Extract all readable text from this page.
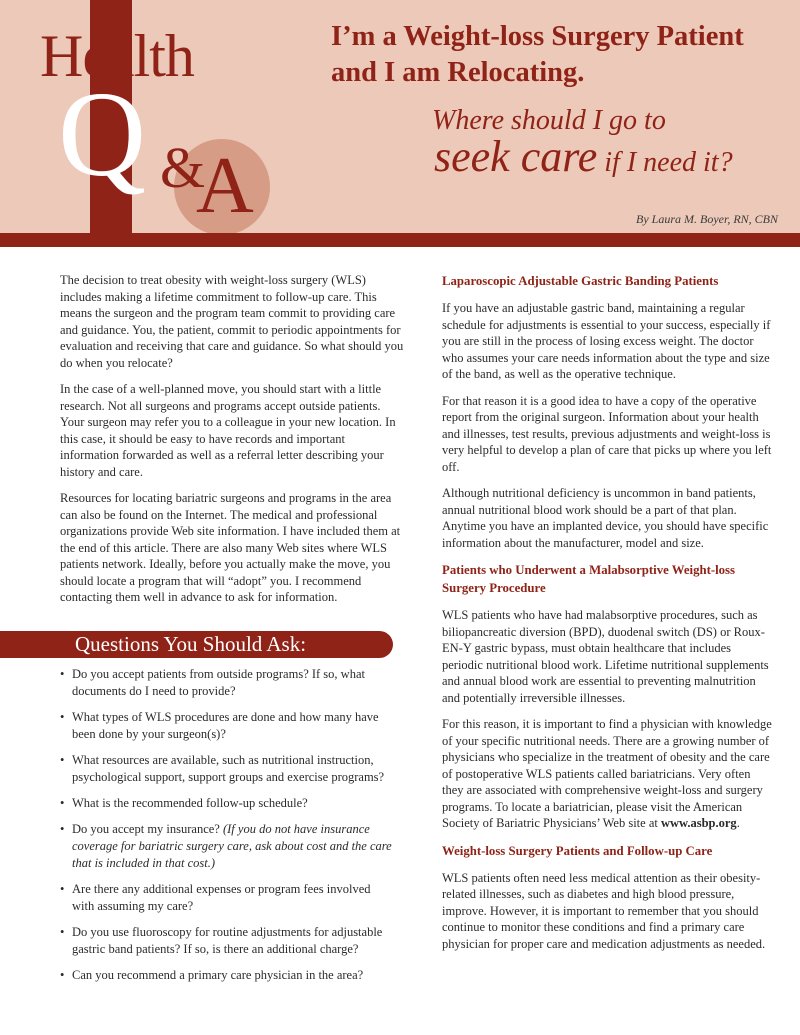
Health
Q &
A
I’m a Weight-loss Surgery Patient
and I am Relocating.
Where should I go to
seek care if I need it?
By Laura M. Boyer, RN, CBN

The decision to treat obesity with weight-loss surgery (WLS) includes making a lifetime commitment to follow-up care. This means the surgeon and the program team commit to providing care and guidance. You, the patient, commit to periodic appointments for evaluation and receiving that care and guidance. So what should you do when you relocate?

In the case of a well-planned move, you should start with a little research. Not all surgeons and programs accept outside patients. Your surgeon may refer you to a colleague in your new location. In this case, it should be easy to have records and important information forwarded as well as a referral letter describing your history and care.

Resources for locating bariatric surgeons and programs in the area can also be found on the Internet. The medical and professional organizations provide Web site information. I have included them at the end of this article. There are also many Web sites where WLS patients network. Ideally, before you actually make the move, you should locate a program that will “adopt” you. I recommend contacting them well in advance to ask for information.

Questions You Should Ask:
• Do you accept patients from outside programs? If so, what documents do I need to provide?
• What types of WLS procedures are done and how many have been done by your surgeon(s)?
• What resources are available, such as nutritional instruction, psychological support, support groups and exercise programs?
• What is the recommended follow-up schedule?
• Do you accept my insurance? (If you do not have insurance coverage for bariatric surgery care, ask about cost and the care that is included in that cost.)
• Are there any additional expenses or program fees involved with assuming my care?
• Do you use fluoroscopy for routine adjustments for adjustable gastric band patients? If so, is there an additional charge?
• Can you recommend a primary care physician in the area?
Laparoscopic Adjustable Gastric Banding Patients

If you have an adjustable gastric band, maintaining a regular schedule for adjustments is essential to your success, especially if you are still in the process of losing excess weight. The doctor who assumes your care needs information about the type and size of the band, as well as the operative technique.

For that reason it is a good idea to have a copy of the operative report from the original surgeon. Information about your health and illnesses, test results, previous adjustments and weight-loss is very helpful to develop a plan of care that picks up where you left off.

Although nutritional deficiency is uncommon in band patients, annual nutritional blood work should be a part of that plan. Anytime you have an implanted device, you should have specific information about the manufacturer, model and size.

Patients who Underwent a Malabsorptive Weight-loss Surgery Procedure

WLS patients who have had malabsorptive procedures, such as biliopancreatic diversion (BPD), duodenal switch (DS) or Roux-EN-Y gastric bypass, must obtain healthcare that includes periodic nutritional blood work. Lifetime nutritional supplements and annual blood work are essential to preventing malnutrition and potentially irreversible illnesses.

For this reason, it is important to find a physician with knowledge of your specific nutritional needs. There are a growing number of physicians who specialize in the treatment of obesity and the care of postoperative WLS patients called bariatricians. Very often they are associated with comprehensive weight-loss and surgery programs. To locate a bariatrician, please visit the American Society of Bariatric Physicians’ Web site at www.asbp.org.

Weight-loss Surgery Patients and Follow-up Care

WLS patients often need less medical attention as their obesity-related illnesses, such as diabetes and high blood pressure, improve. However, it is important to remember that you should continue to monitor these conditions and find a primary care physician for proper care and medication adjustments as needed.
